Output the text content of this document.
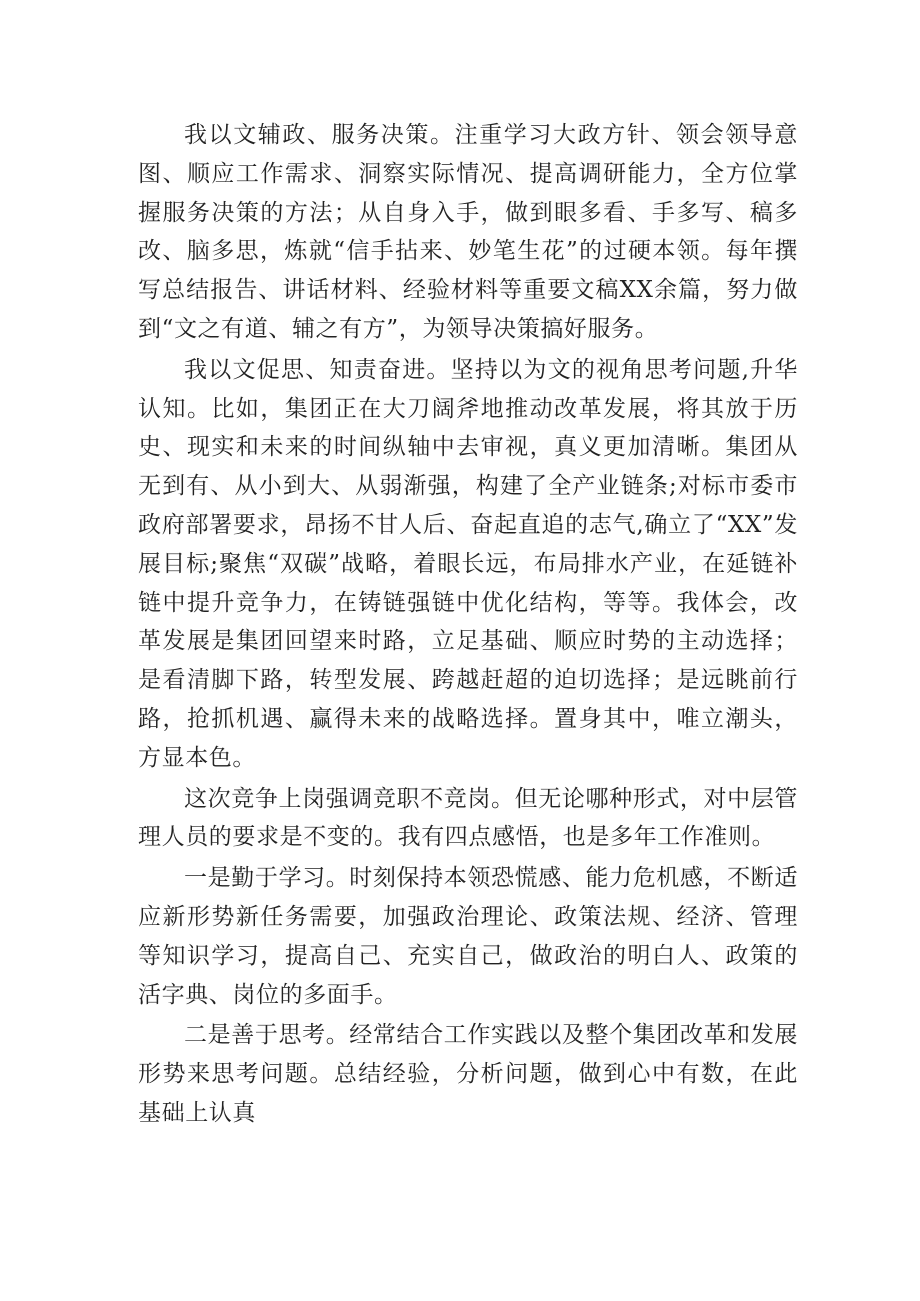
我以文辅政、服务决策。注重学习大政方针、领会领导意图、顺应工作需求、洞察实际情况、提高调研能力，全方位掌握服务决策的方法；从自身入手，做到眼多看、手多写、稿多改、脑多思，炼就“信手拈来、妙笔生花”的过硬本领。每年撰写总结报告、讲话材料、经验材料等重要文稿XX余篇，努力做到“文之有道、辅之有方”，为领导决策搞好服务。

我以文促思、知责奋进。坚持以为文的视角思考问题,升华认知。比如，集团正在大刀阔斧地推动改革发展，将其放于历史、现实和未来的时间纵轴中去审视，真义更加清晰。集团从无到有、从小到大、从弱渐强，构建了全产业链条;对标市委市政府部署要求，昂扬不甘人后、奋起直追的志气,确立了“XX”发展目标;聚焦“双碳”战略，着眼长远，布局排水产业，在延链补链中提升竞争力，在铸链强链中优化结构，等等。我体会，改革发展是集团回望来时路，立足基础、顺应时势的主动选择；是看清脚下路，转型发展、跨越赶超的迫切选择；是远眺前行路，抢抓机遇、赢得未来的战略选择。置身其中，唯立潮头，方显本色。

这次竞争上岗强调竞职不竞岗。但无论哪种形式，对中层管理人员的要求是不变的。我有四点感悟，也是多年工作准则。

一是勤于学习。时刻保持本领恐慌感、能力危机感，不断适应新形势新任务需要，加强政治理论、政策法规、经济、管理等知识学习，提高自己、充实自己，做政治的明白人、政策的活字典、岗位的多面手。

二是善于思考。经常结合工作实践以及整个集团改革和发展形势来思考问题。总结经验，分析问题，做到心中有数，在此基础上认真
